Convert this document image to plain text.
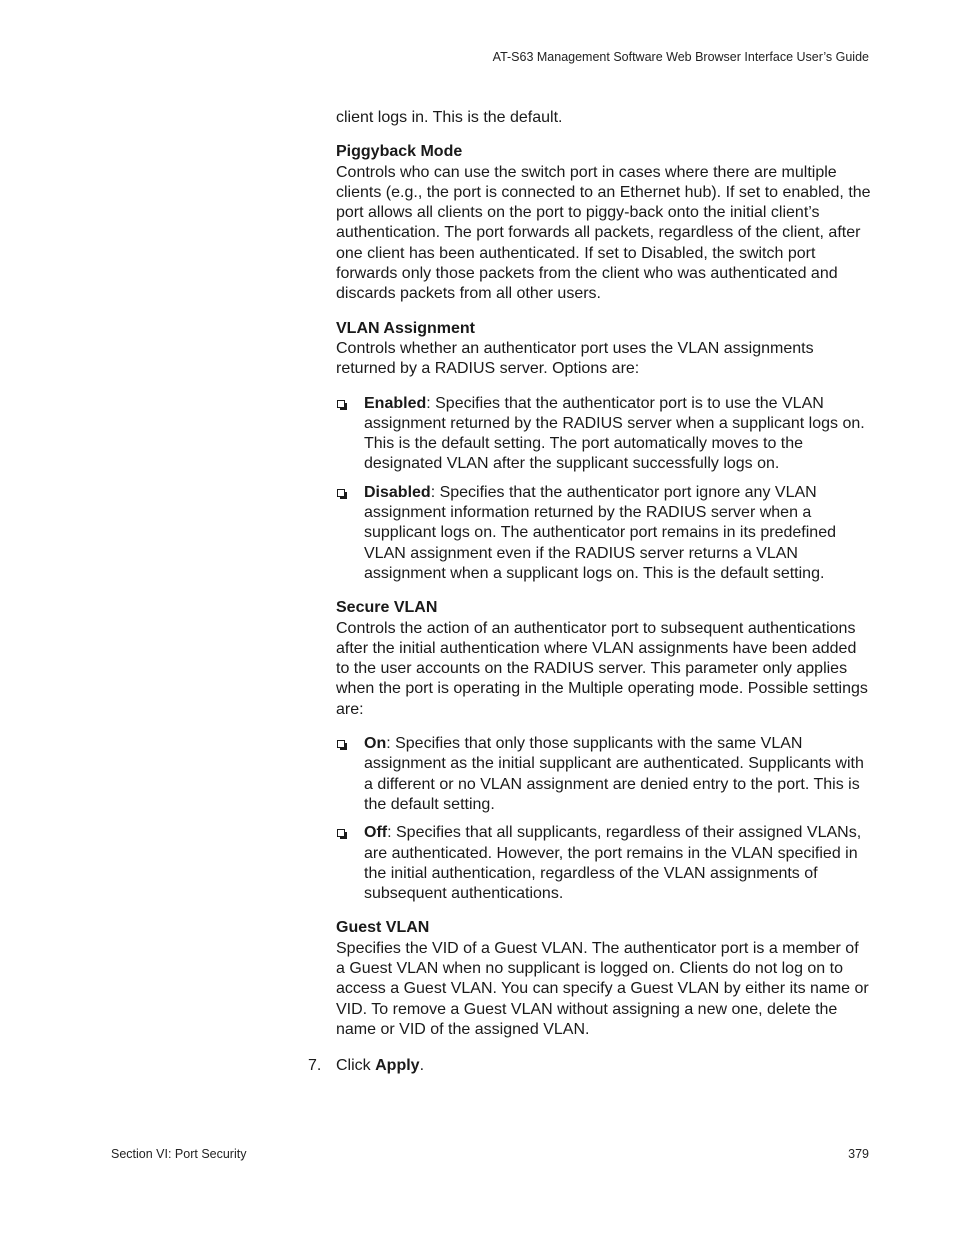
AT-S63 Management Software Web Browser Interface User’s Guide

client logs in. This is the default.

Piggyback Mode

Controls who can use the switch port in cases where there are multiple clients (e.g., the port is connected to an Ethernet hub). If set to enabled, the port allows all clients on the port to piggy-back onto the initial client’s authentication. The port forwards all packets, regardless of the client, after one client has been authenticated. If set to Disabled, the switch port forwards only those packets from the client who was authenticated and discards packets from all other users.

VLAN Assignment

Controls whether an authenticator port uses the VLAN assignments returned by a RADIUS server. Options are:

Enabled: Specifies that the authenticator port is to use the VLAN assignment returned by the RADIUS server when a supplicant logs on. This is the default setting. The port automatically moves to the designated VLAN after the supplicant successfully logs on.
Disabled: Specifies that the authenticator port ignore any VLAN assignment information returned by the RADIUS server when a supplicant logs on. The authenticator port remains in its predefined VLAN assignment even if the RADIUS server returns a VLAN assignment when a supplicant logs on. This is the default setting.

Secure VLAN

Controls the action of an authenticator port to subsequent authentications after the initial authentication where VLAN assignments have been added to the user accounts on the RADIUS server. This parameter only applies when the port is operating in the Multiple operating mode. Possible settings are:

On: Specifies that only those supplicants with the same VLAN assignment as the initial supplicant are authenticated. Supplicants with a different or no VLAN assignment are denied entry to the port. This is the default setting.
Off: Specifies that all supplicants, regardless of their assigned VLANs, are authenticated. However, the port remains in the VLAN specified in the initial authentication, regardless of the VLAN assignments of subsequent authentications.

Guest VLAN

Specifies the VID of a Guest VLAN. The authenticator port is a member of a Guest VLAN when no supplicant is logged on. Clients do not log on to access a Guest VLAN. You can specify a Guest VLAN by either its name or VID. To remove a Guest VLAN without assigning a new one, delete the name or VID of the assigned VLAN.

7. Click Apply.
Section VI: Port Security	379
